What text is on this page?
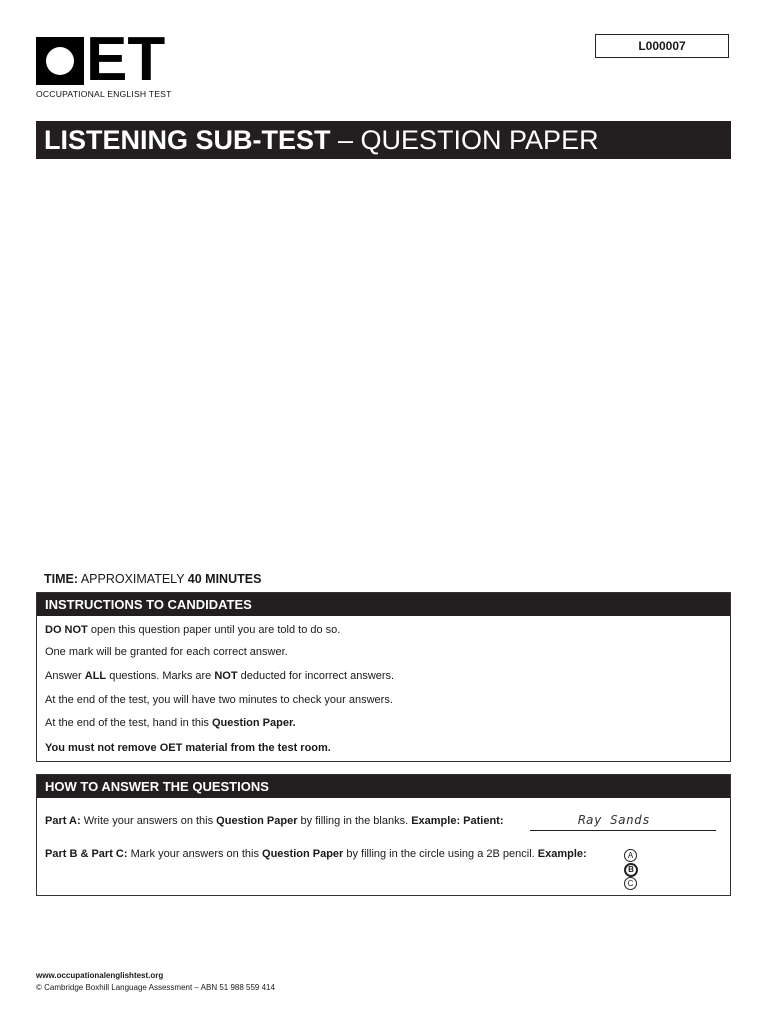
E T
OCCUPATIONAL ENGLISH TEST
L000007
LISTENING SUB-TEST – QUESTION PAPER
TIME: APPROXIMATELY 40 MINUTES
INSTRUCTIONS TO CANDIDATES

DO NOT open this question paper until you are told to do so.

One mark will be granted for each correct answer.

Answer ALL questions. Marks are NOT deducted for incorrect answers.

At the end of the test, you will have two minutes to check your answers.

At the end of the test, hand in this Question Paper.

You must not remove OET material from the test room.

HOW TO ANSWER THE QUESTIONS
Part A: Write your answers on this Question Paper by filling in the blanks. Example: Patient:	Ray Sands
Part B & Part C: Mark your answers on this Question Paper by filling in the circle using a 2B pencil. Example:	A
B
C
www.occupationalenglishtest.org
© Cambridge Boxhill Language Assessment – ABN 51 988 559 414
